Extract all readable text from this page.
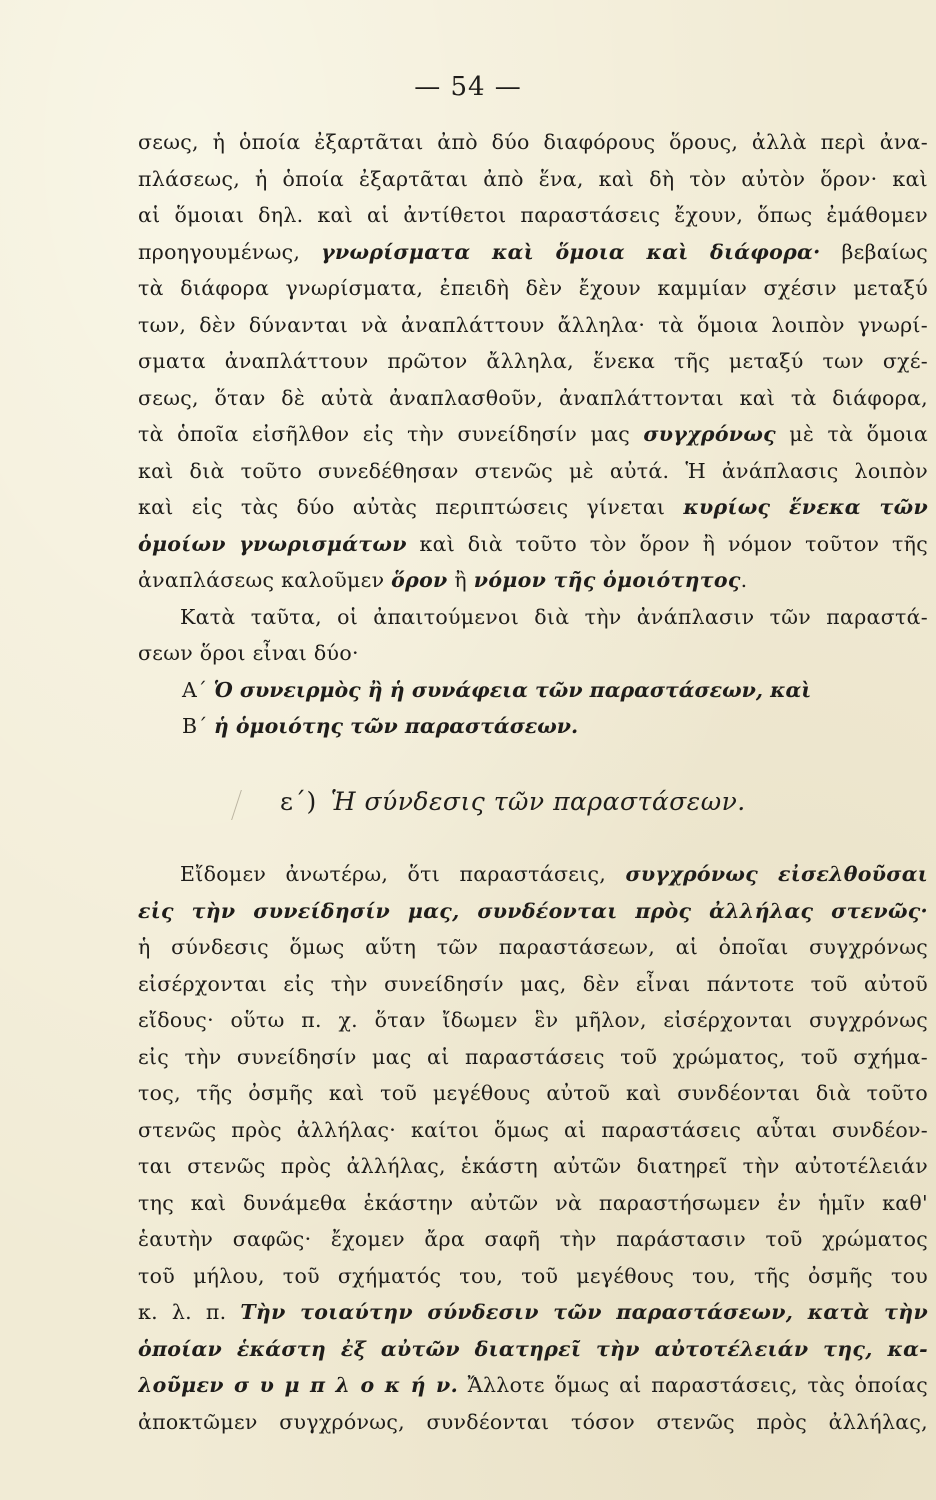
— 54 —
σεως, ἡ ὁποία ἐξαρτᾶται ἀπὸ δύο διαφόρους ὅρους, ἀλλὰ περὶ ἀνα-
πλάσεως, ἡ ὁποία ἐξαρτᾶται ἀπὸ ἕνα, καὶ δὴ τὸν αὐτὸν ὅρον· καὶ
αἱ ὅμοιαι δηλ. καὶ αἱ ἀντίθετοι παραστάσεις ἔχουν, ὅπως ἐμάθομεν
προηγουμένως, γνωρίσματα καὶ ὅμοια καὶ διάφορα· βεβαίως
τὰ διάφορα γνωρίσματα, ἐπειδὴ δὲν ἔχουν καμμίαν σχέσιν μεταξύ
των, δὲν δύνανται νὰ ἀναπλάττουν ἄλληλα· τὰ ὅμοια λοιπὸν γνωρί-
σματα ἀναπλάττουν πρῶτον ἄλληλα, ἕνεκα τῆς μεταξύ των σχέ-
σεως, ὅταν δὲ αὐτὰ ἀναπλασθοῦν, ἀναπλάττονται καὶ τὰ διάφορα,
τὰ ὁποῖα εἰσῆλθον εἰς τὴν συνείδησίν μας συγχρόνως μὲ τὰ ὅμοια
καὶ διὰ τοῦτο συνεδέθησαν στενῶς μὲ αὐτά. Ἡ ἀνάπλασις λοιπὸν
καὶ εἰς τὰς δύο αὐτὰς περιπτώσεις γίνεται κυρίως ἕνεκα τῶν
ὁμοίων γνωρισμάτων καὶ διὰ τοῦτο τὸν ὅρον ἢ νόμον τοῦτον τῆς
ἀναπλάσεως καλοῦμεν ὅρον ἢ νόμον τῆς ὁμοιότητος.
Κατὰ ταῦτα, οἱ ἀπαιτούμενοι διὰ τὴν ἀνάπλασιν τῶν παραστά-
σεων ὅροι εἶναι δύο·
Α΄ Ὁ συνειρμὸς ἢ ἡ συνάφεια τῶν παραστάσεων, καὶ
Β΄ ἡ ὁμοιότης τῶν παραστάσεων.
ε΄) Ἡ σύνδεσις τῶν παραστάσεων.
Εἴδομεν ἀνωτέρω, ὅτι παραστάσεις, συγχρόνως εἰσελθοῦσαι
εἰς τὴν συνείδησίν μας, συνδέονται πρὸς ἀλλήλας στενῶς·
ἡ σύνδεσις ὅμως αὕτη τῶν παραστάσεων, αἱ ὁποῖαι συγχρόνως
εἰσέρχονται εἰς τὴν συνείδησίν μας, δὲν εἶναι πάντοτε τοῦ αὐτοῦ
εἴδους· οὕτω π. χ. ὅταν ἴδωμεν ἓν μῆλον, εἰσέρχονται συγχρόνως
εἰς τὴν συνείδησίν μας αἱ παραστάσεις τοῦ χρώματος, τοῦ σχήμα-
τος, τῆς ὀσμῆς καὶ τοῦ μεγέθους αὐτοῦ καὶ συνδέονται διὰ τοῦτο
στενῶς πρὸς ἀλλήλας· καίτοι ὅμως αἱ παραστάσεις αὗται συνδέον-
ται στενῶς πρὸς ἀλλήλας, ἑκάστη αὐτῶν διατηρεῖ τὴν αὐτοτέλειάν
της καὶ δυνάμεθα ἑκάστην αὐτῶν νὰ παραστήσωμεν ἐν ἡμῖν καθ'
ἑαυτὴν σαφῶς· ἔχομεν ἄρα σαφῆ τὴν παράστασιν τοῦ χρώματος
τοῦ μήλου, τοῦ σχήματός του, τοῦ μεγέθους του, τῆς ὀσμῆς του
κ. λ. π. Τὴν τοιαύτην σύνδεσιν τῶν παραστάσεων, κατὰ τὴν
ὁποίαν ἑκάστη ἐξ αὐτῶν διατηρεῖ τὴν αὐτοτέλειάν της, κα-
λοῦμεν σ υ μ π λ ο κ ή ν. Ἄλλοτε ὅμως αἱ παραστάσεις, τὰς ὁποίας
ἀποκτῶμεν συγχρόνως, συνδέονται τόσον στενῶς πρὸς ἀλλήλας,
